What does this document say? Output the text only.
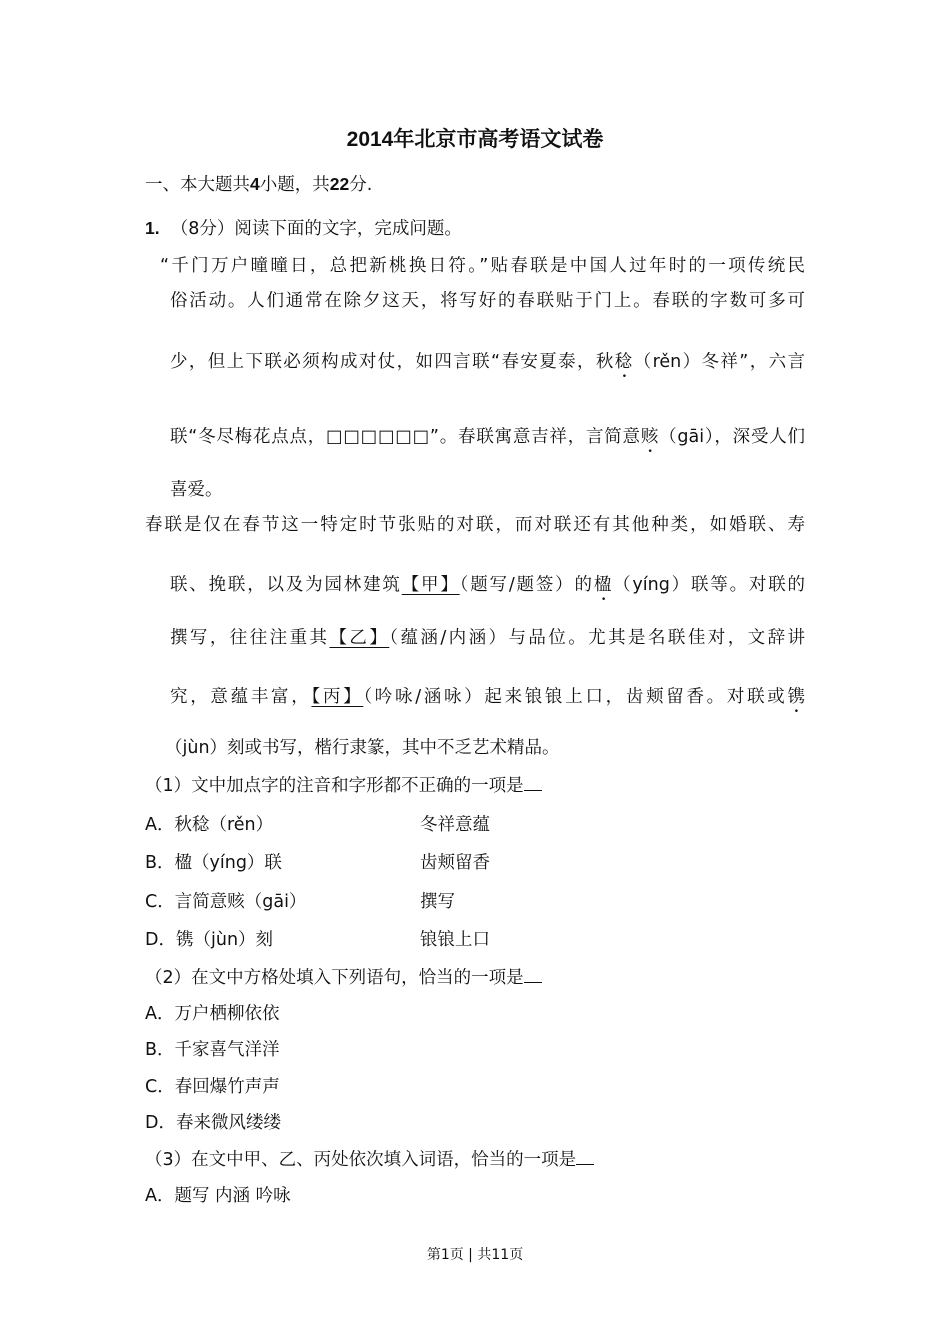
2014年北京市高考语文试卷
一、本大题共4小题，共22分.
1. （8分）阅读下面的文字，完成问题。
“千门万户曈曈日，总把新桃换日符。”贴春联是中国人过年时的一项传统民
俗活动。人们通常在除夕这天，将写好的春联贴于门上。春联的字数可多可
少，但上下联必须构成对仗，如四言联“春安夏泰，秋稔（rěn）冬祥”，六言
联“冬尽梅花点点，□□□□□□”。春联寓意吉祥，言简意赅（gāi），深受人们
喜爱。
春联是仅在春节这一特定时节张贴的对联，而对联还有其他种类，如婚联、寿
联、挽联，以及为园林建筑【甲】（题写/题签）的楹（yíng）联等。对联的
撰写，往往注重其【乙】（蕴涵/内涵）与品位。尤其是名联佳对，文辞讲
究，意蕴丰富，【丙】（吟咏/涵咏）起来锒锒上口，齿颊留香。对联或镌
（jùn）刻或书写，楷行隶篆，其中不乏艺术精品。
（1）文中加点字的注音和字形都不正确的一项是
A．秋稔（rěn）	冬祥意蕴
B．楹（yíng）联	齿颊留香
C．言简意赅（gāi）	撰写
D．镌（jùn）刻	锒锒上口
（2）在文中方格处填入下列语句，恰当的一项是
A．万户栖柳依依
B．千家喜气洋洋
C．春回爆竹声声
D．春来微风缕缕
（3）在文中甲、乙、丙处依次填入词语，恰当的一项是
A．题写 内涵 吟咏
第1页 | 共11页
